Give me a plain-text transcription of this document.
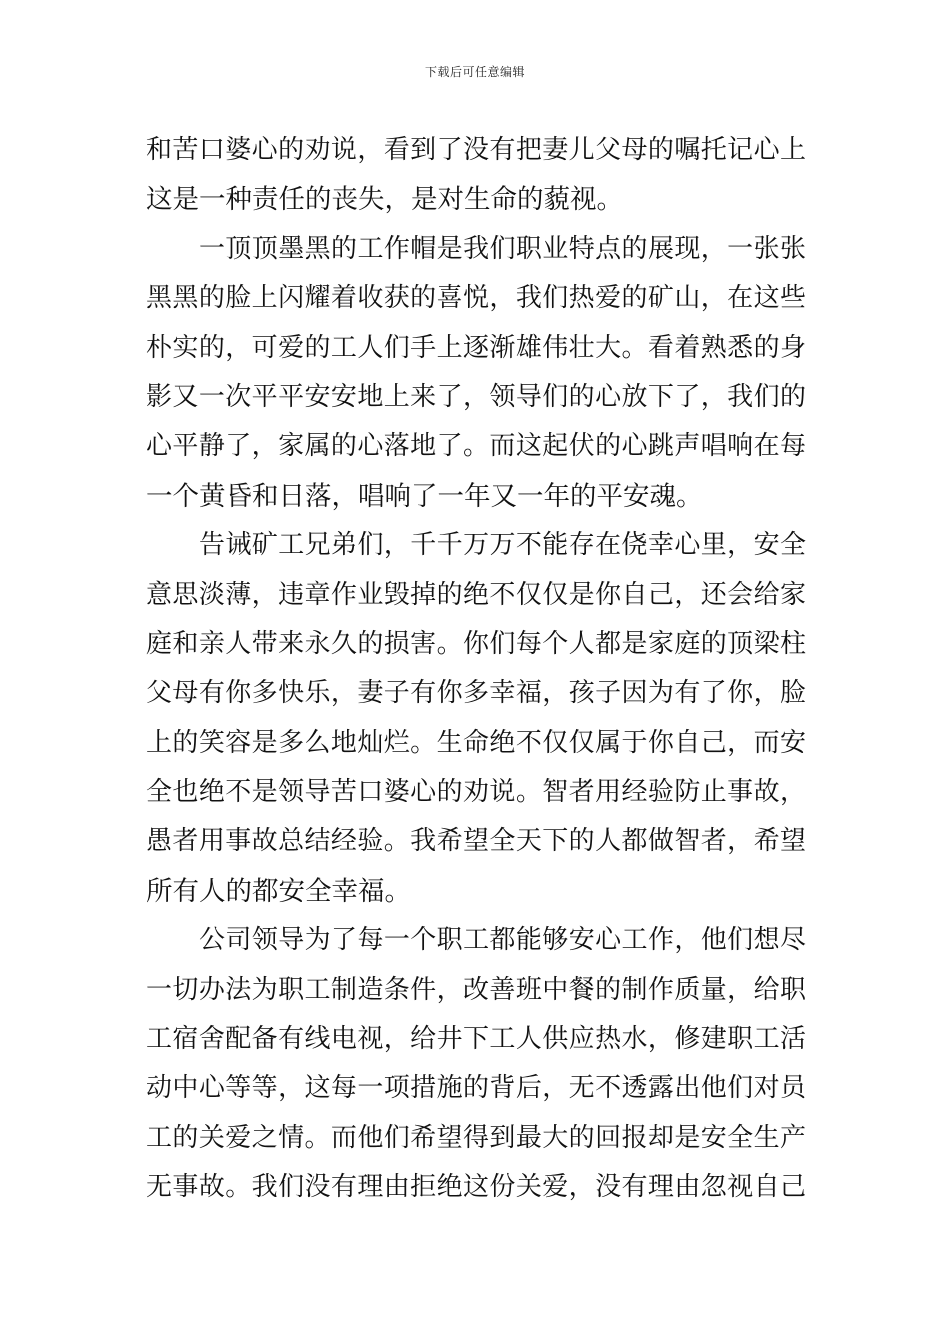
下载后可任意编辑
和苦口婆心的劝说，看到了没有把妻儿父母的嘱托记心上
这是一种责任的丧失，是对生命的藐视。
一顶顶墨黑的工作帽是我们职业特点的展现，一张张
黑黑的脸上闪耀着收获的喜悦，我们热爱的矿山，在这些
朴实的，可爱的工人们手上逐渐雄伟壮大。看着熟悉的身
影又一次平平安安地上来了，领导们的心放下了，我们的
心平静了，家属的心落地了。而这起伏的心跳声唱响在每
一个黄昏和日落，唱响了一年又一年的平安魂。
告诫矿工兄弟们，千千万万不能存在侥幸心里，安全
意思淡薄，违章作业毁掉的绝不仅仅是你自己，还会给家
庭和亲人带来永久的损害。你们每个人都是家庭的顶梁柱
父母有你多快乐，妻子有你多幸福，孩子因为有了你，脸
上的笑容是多么地灿烂。生命绝不仅仅属于你自己，而安
全也绝不是领导苦口婆心的劝说。智者用经验防止事故，
愚者用事故总结经验。我希望全天下的人都做智者，希望
所有人的都安全幸福。
公司领导为了每一个职工都能够安心工作，他们想尽
一切办法为职工制造条件，改善班中餐的制作质量，给职
工宿舍配备有线电视，给井下工人供应热水，修建职工活
动中心等等，这每一项措施的背后，无不透露出他们对员
工的关爱之情。而他们希望得到最大的回报却是安全生产
无事故。我们没有理由拒绝这份关爱，没有理由忽视自己
